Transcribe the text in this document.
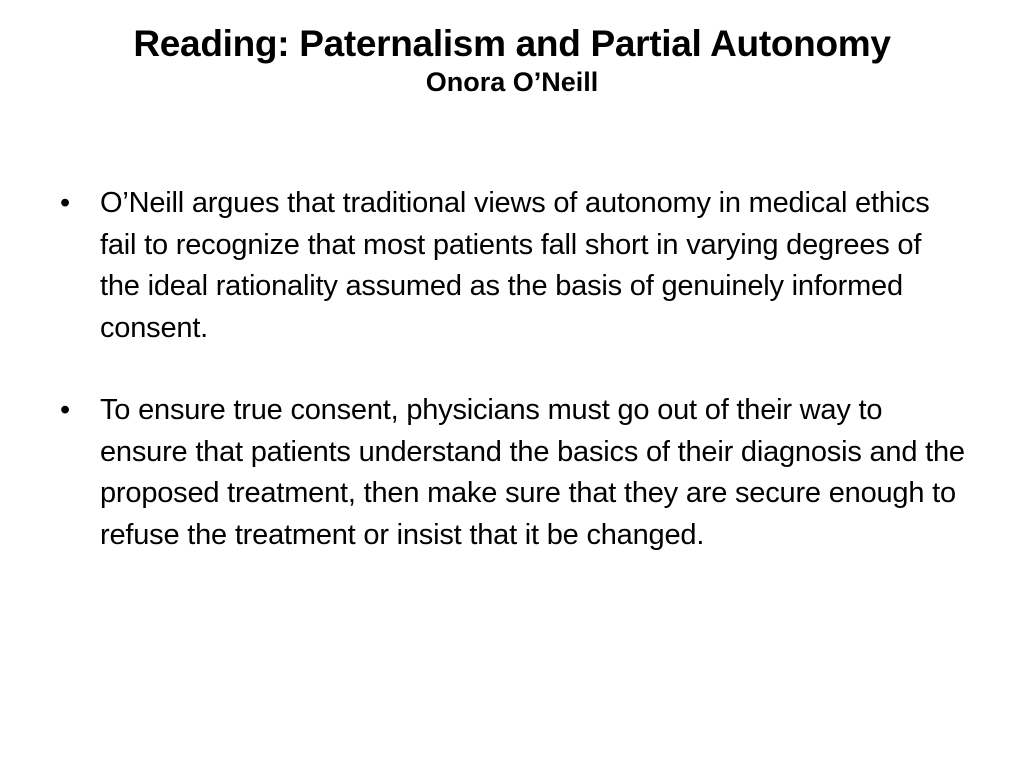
Reading: Paternalism and Partial Autonomy
Onora O’Neill
• O’Neill argues that traditional views of autonomy in medical ethics fail to recognize that most patients fall short in varying degrees of the ideal rationality assumed as the basis of genuinely informed consent.
• To ensure true consent, physicians must go out of their way to ensure that patients understand the basics of their diagnosis and the proposed treatment, then make sure that they are secure enough to refuse the treatment or insist that it be changed.
